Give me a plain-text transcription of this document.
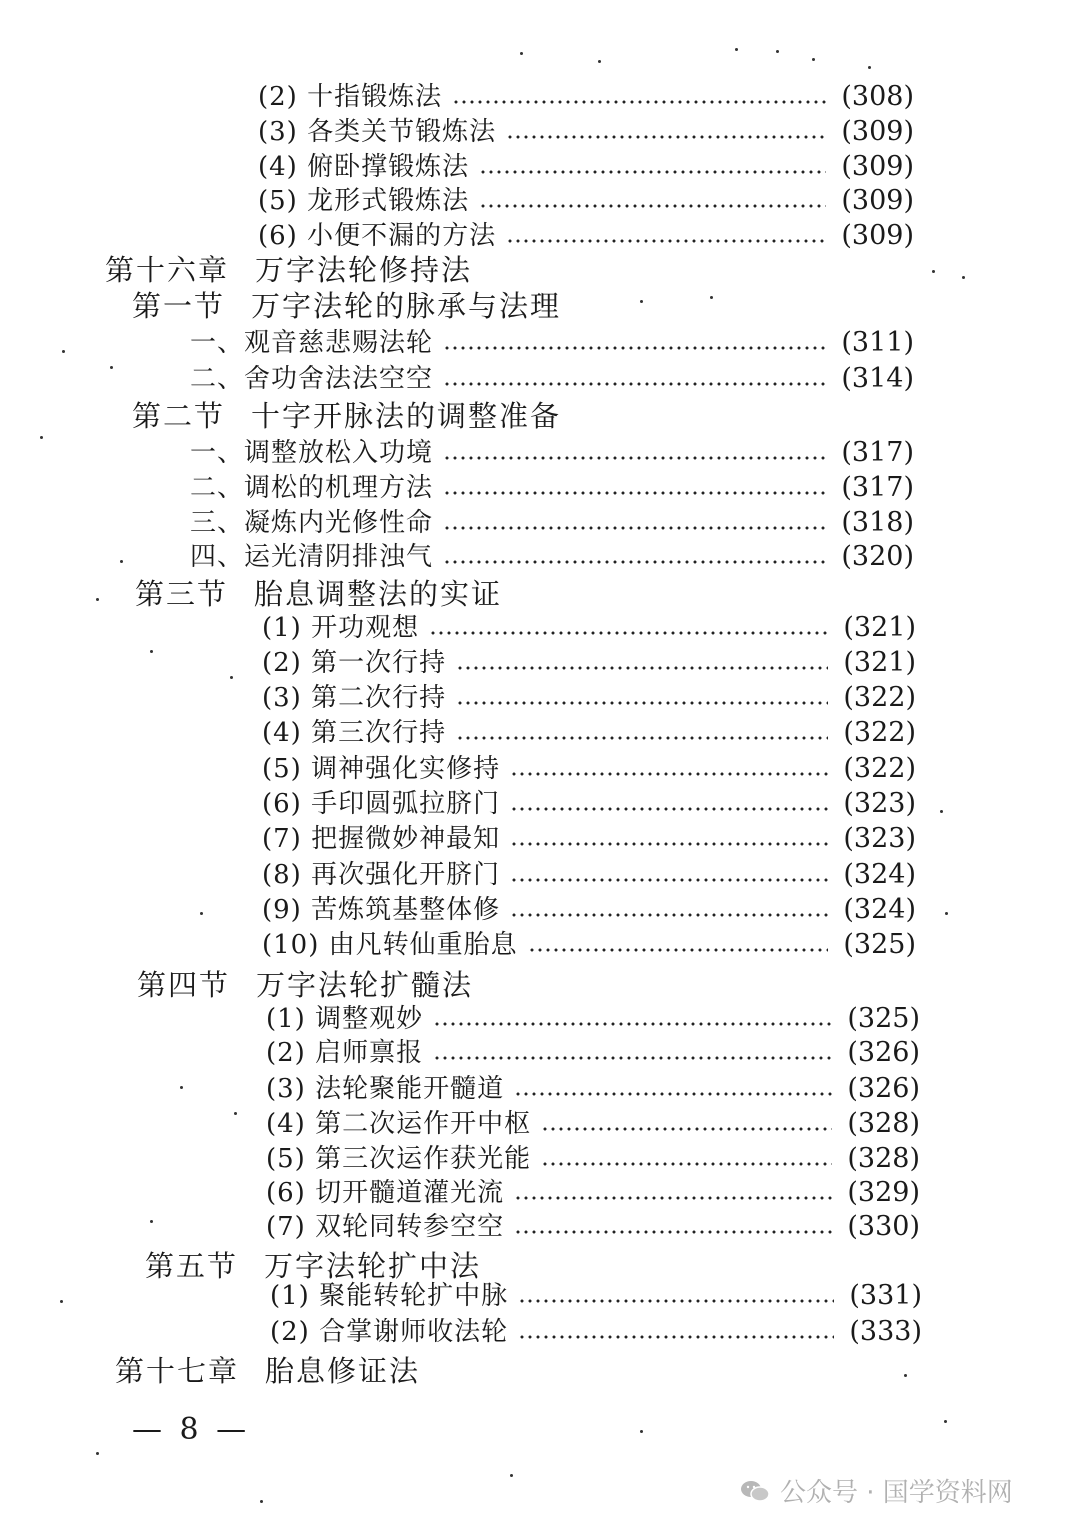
(2) 十指锻炼法	(308)
(3) 各类关节锻炼法	(309)
(4) 俯卧撑锻炼法	(309)
(5) 龙形式锻炼法	(309)
(6) 小便不漏的方法	(309)
第十六章 万字法轮修持法
第一节 万字法轮的脉承与法理
一、观音慈悲赐法轮	(311)
二、舍功舍法法空空	(314)
第二节 十字开脉法的调整准备
一、调整放松入功境	(317)
二、调松的机理方法	(317)
三、凝炼内光修性命	(318)
四、运光清阴排浊气	(320)
第三节 胎息调整法的实证
(1) 开功观想	(321)
(2) 第一次行持	(321)
(3) 第二次行持	(322)
(4) 第三次行持	(322)
(5) 调神强化实修持	(322)
(6) 手印圆弧拉脐门	(323)
(7) 把握微妙神最知	(323)
(8) 再次强化开脐门	(324)
(9) 苦炼筑基整体修	(324)
(10) 由凡转仙重胎息	(325)
第四节 万字法轮扩髓法
(1) 调整观妙	(325)
(2) 启师禀报	(326)
(3) 法轮聚能开髓道	(326)
(4) 第二次运作开中枢	(328)
(5) 第三次运作获光能	(328)
(6) 切开髓道灌光流	(329)
(7) 双轮同转参空空	(330)
第五节 万字法轮扩中法
(1) 聚能转轮扩中脉	(331)
(2) 合掌谢师收法轮	(333)
第十七章 胎息修证法
— 8 —
公众号 · 国学资料网
